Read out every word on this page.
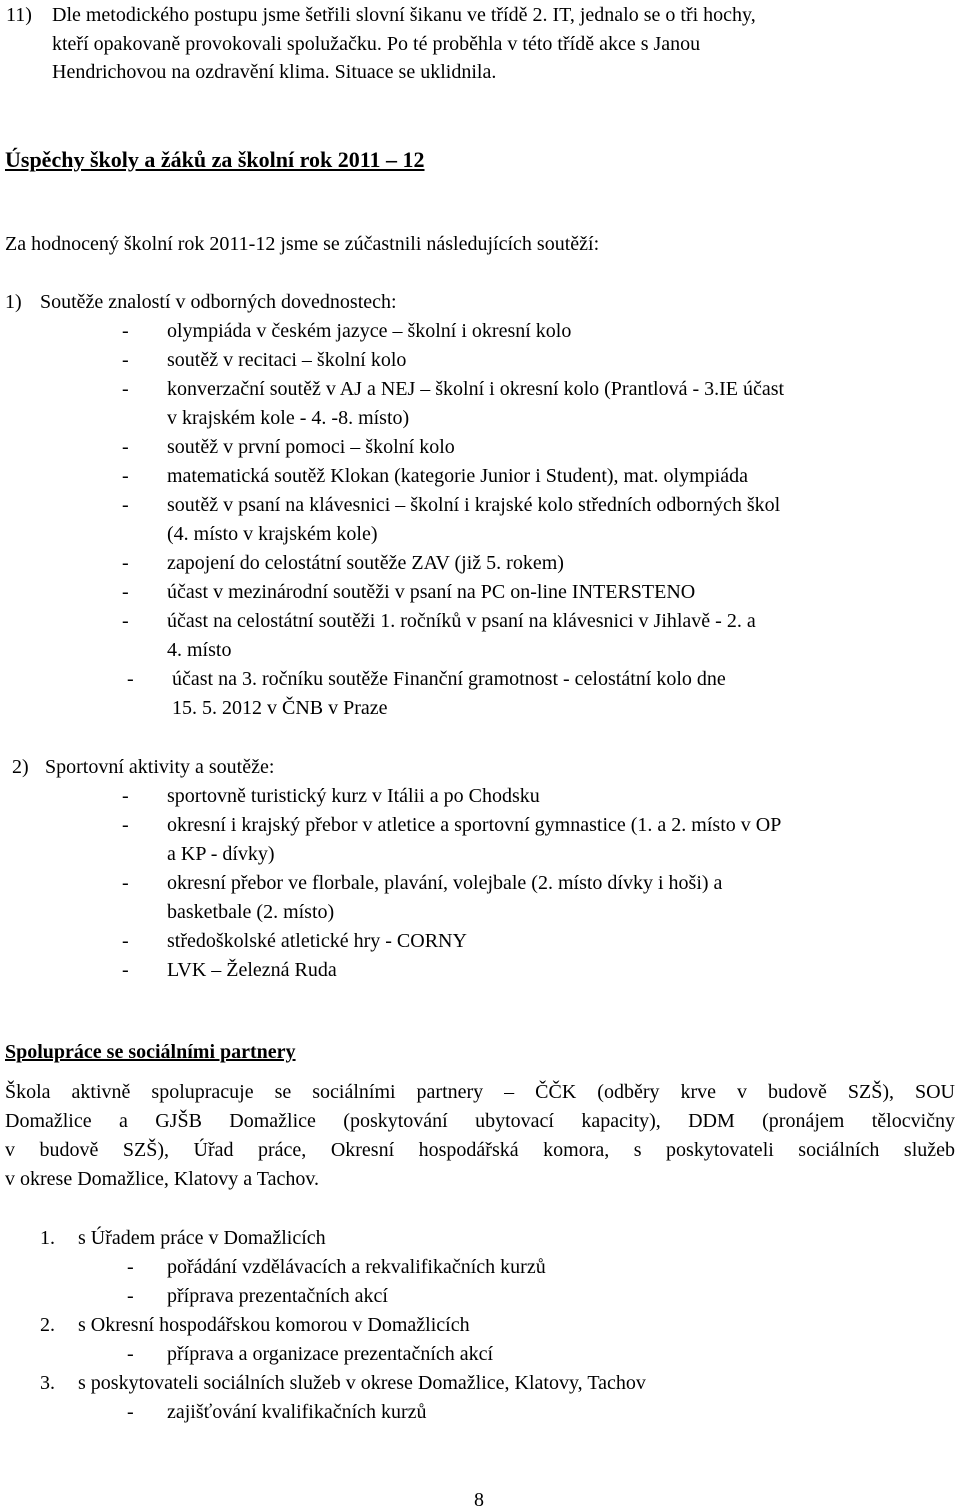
11) Dle metodického postupu jsme šetřili slovní šikanu ve třídě 2. IT, jednalo se o tři hochy,
kteří opakovaně provokovali spolužačku. Po té proběhla v této třídě akce s Janou
Hendrichovou na ozdravění klima. Situace se uklidnila.
Úspěchy školy a žáků za školní rok 2011 – 12
Za hodnocený školní rok 2011-12 jsme se zúčastnili následujících soutěží:
1) Soutěže znalostí v odborných dovednostech:
- olympiáda v českém jazyce – školní i okresní kolo
- soutěž v recitaci – školní kolo
- konverzační soutěž v AJ a NEJ – školní i okresní kolo (Prantlová - 3.IE účast
v krajském kole - 4. -8. místo)
- soutěž v první pomoci – školní kolo
- matematická soutěž Klokan (kategorie Junior i Student), mat. olympiáda
- soutěž v psaní na klávesnici – školní i krajské kolo středních odborných škol
(4. místo v krajském kole)
- zapojení do celostátní soutěže ZAV (již 5. rokem)
- účast v mezinárodní soutěži v psaní na PC on-line INTERSTENO
- účast na celostátní soutěži 1. ročníků v psaní na klávesnici v Jihlavě - 2. a
4. místo
- účast na 3. ročníku soutěže Finanční gramotnost - celostátní kolo dne
15. 5. 2012 v ČNB v Praze
2) Sportovní aktivity a soutěže:
- sportovně turistický kurz v Itálii a po Chodsku
- okresní i krajský přebor v atletice a sportovní gymnastice (1. a 2. místo v OP
a KP - dívky)
- okresní přebor ve florbale, plavání, volejbale (2. místo dívky i hoši) a
basketbale (2. místo)
- středoškolské atletické hry - CORNY
- LVK – Železná Ruda
Spolupráce se sociálními partnery
Škola aktivně spolupracuje se sociálními partnery – ČČK (odběry krve v budově SZŠ), SOU
Domažlice a GJŠB Domažlice (poskytování ubytovací kapacity), DDM (pronájem tělocvičny
v budově SZŠ), Úřad práce, Okresní hospodářská komora, s poskytovateli sociálních služeb
v okrese Domažlice, Klatovy a Tachov.
1. s Úřadem práce v Domažlicích
- pořádání vzdělávacích a rekvalifikačních kurzů
- příprava prezentačních akcí
2. s Okresní hospodářskou komorou v Domažlicích
- příprava a organizace prezentačních akcí
3. s poskytovateli sociálních služeb v okrese Domažlice, Klatovy, Tachov
- zajišťování kvalifikačních kurzů
8
